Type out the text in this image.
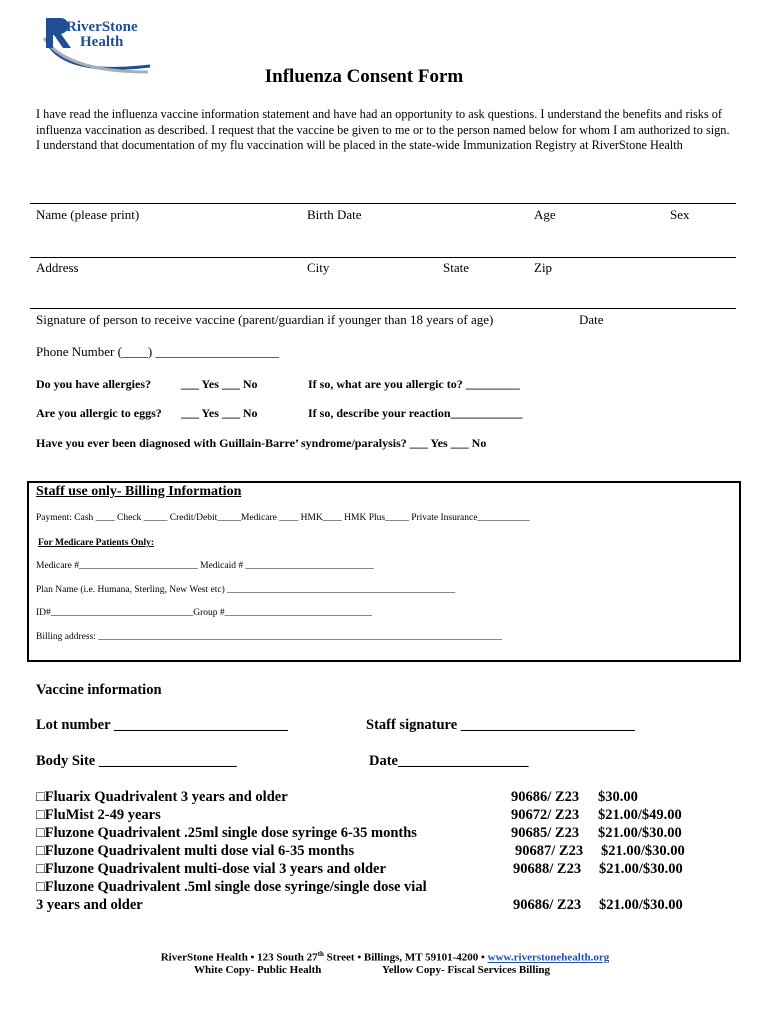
RiverStone
Health
Influenza Consent Form
I have read the influenza vaccine information statement and have had an opportunity to ask questions. I understand the benefits and risks of influenza vaccination as described. I request that the vaccine be given to me or to the person named below for whom I am authorized to sign. I understand that documentation of my flu vaccination will be placed in the state-wide Immunization Registry at RiverStone Health
Name (please print)	Birth Date	Age	Sex
Address	City	State	Zip
Signature of person to receive vaccine (parent/guardian if younger than 18 years of age)	Date
Phone Number (____) ___________________
Do you have allergies?	___ Yes ___ No	If so, what are you allergic to? _________
Are you allergic to eggs? ___ Yes ___ No	If so, describe your reaction____________
Have you ever been diagnosed with Guillain-Barre’ syndrome/paralysis? ___ Yes ___ No
Staff use only- Billing Information
Payment: Cash ____ Check _____ Credit/Debit_____Medicare ____ HMK____ HMK Plus_____ Private Insurance___________
For Medicare Patients Only:
Medicare #_________________________ Medicaid # ___________________________
Plan Name (i.e. Humana, Sterling, New West etc) ________________________________________________
ID#______________________________Group #_______________________________
Billing address: _____________________________________________________________________________________
Vaccine information
Lot number ________________________	Staff signature ________________________
Body Site ___________________	Date__________________
□Fluarix Quadrivalent 3 years and older	90686/ Z23 $30.00
□FluMist 2-49 years	90672/ Z23 $21.00/$49.00
□Fluzone Quadrivalent .25ml single dose syringe 6-35 months	90685/ Z23 $21.00/$30.00
□Fluzone Quadrivalent multi dose vial 6-35 months	90687/ Z23 $21.00/$30.00
□Fluzone Quadrivalent multi-dose vial 3 years and older	90688/ Z23 $21.00/$30.00
□Fluzone Quadrivalent .5ml single dose syringe/single dose vial
3 years and older	90686/ Z23 $21.00/$30.00
RiverStone Health • 123 South 27th Street • Billings, MT 59101-4200 • www.riverstonehealth.org
White Copy- Public Health	Yellow Copy- Fiscal Services Billing
